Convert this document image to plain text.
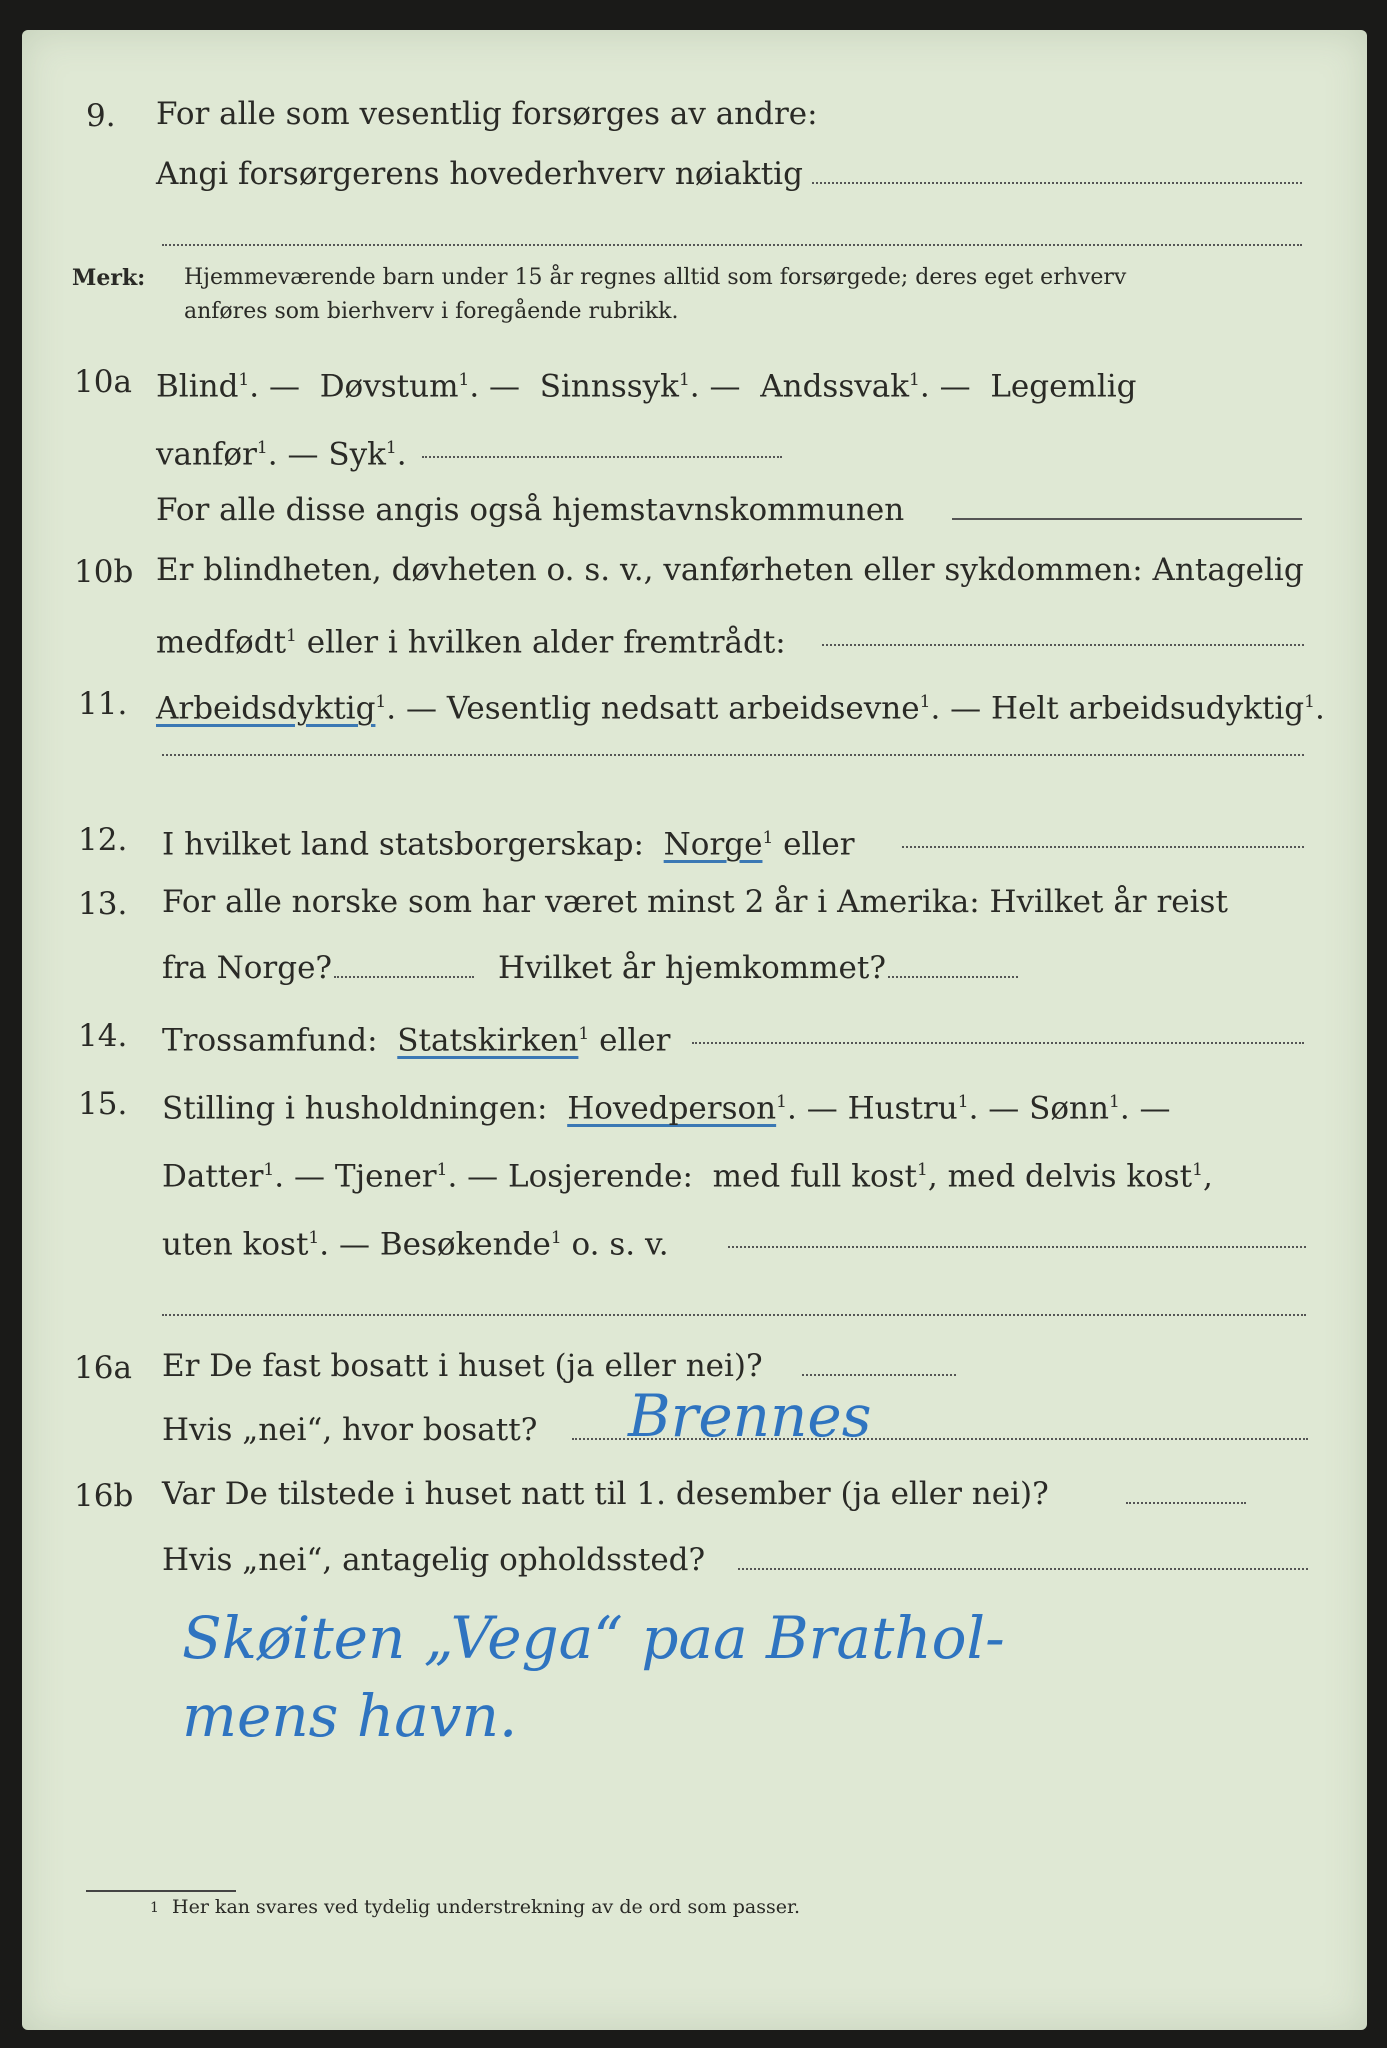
9. For alle som vesentlig forsørges av andre:
Angi forsørgerens hovederhverv nøiaktig
Merk: Hjemmeværende barn under 15 år regnes alltid som forsørgede; deres eget erhverv
anføres som bierhverv i foregående rubrikk.
10a Blind$^1$. — Døvstum$^1$. — Sinnssyk$^1$. — Andssvak$^1$. — Legemlig
vanfør$^1$. — Syk$^1$.
For alle disse angis også hjemstavnskommunen
10b Er blindheten, døvheten o. s. v., vanførheten eller sykdommen: Antagelig
medfødt$^1$ eller i hvilken alder fremtrådt:
11. Arbeidsdyktig$^1$. — Vesentlig nedsatt arbeidsevne$^1$. — Helt arbeidsudyktig$^1$.
12. I hvilket land statsborgerskap: Norge$^1$ eller
13. For alle norske som har været minst 2 år i Amerika: Hvilket år reist
fra Norge?	Hvilket år hjemkommet?
14. Trossamfund: Statskirken$^1$ eller
15. Stilling i husholdningen: Hovedperson$^1$. — Hustru$^1$. — Sønn$^1$. —
Datter$^1$. — Tjener$^1$. — Losjerende: med full kost$^1$, med delvis kost$^1$,
uten kost$^1$. — Besøkende$^1$ o. s. v.
16a Er De fast bosatt i huset (ja eller nei)?
Hvis „nei“, hvor bosatt? Brennes
16b Var De tilstede i huset natt til 1. desember (ja eller nei)?
Hvis „nei“, antagelig opholdssted?
Skøiten „Vega“ paa Brathol-
mens havn.
1 Her kan svares ved tydelig understrekning av de ord som passer.
